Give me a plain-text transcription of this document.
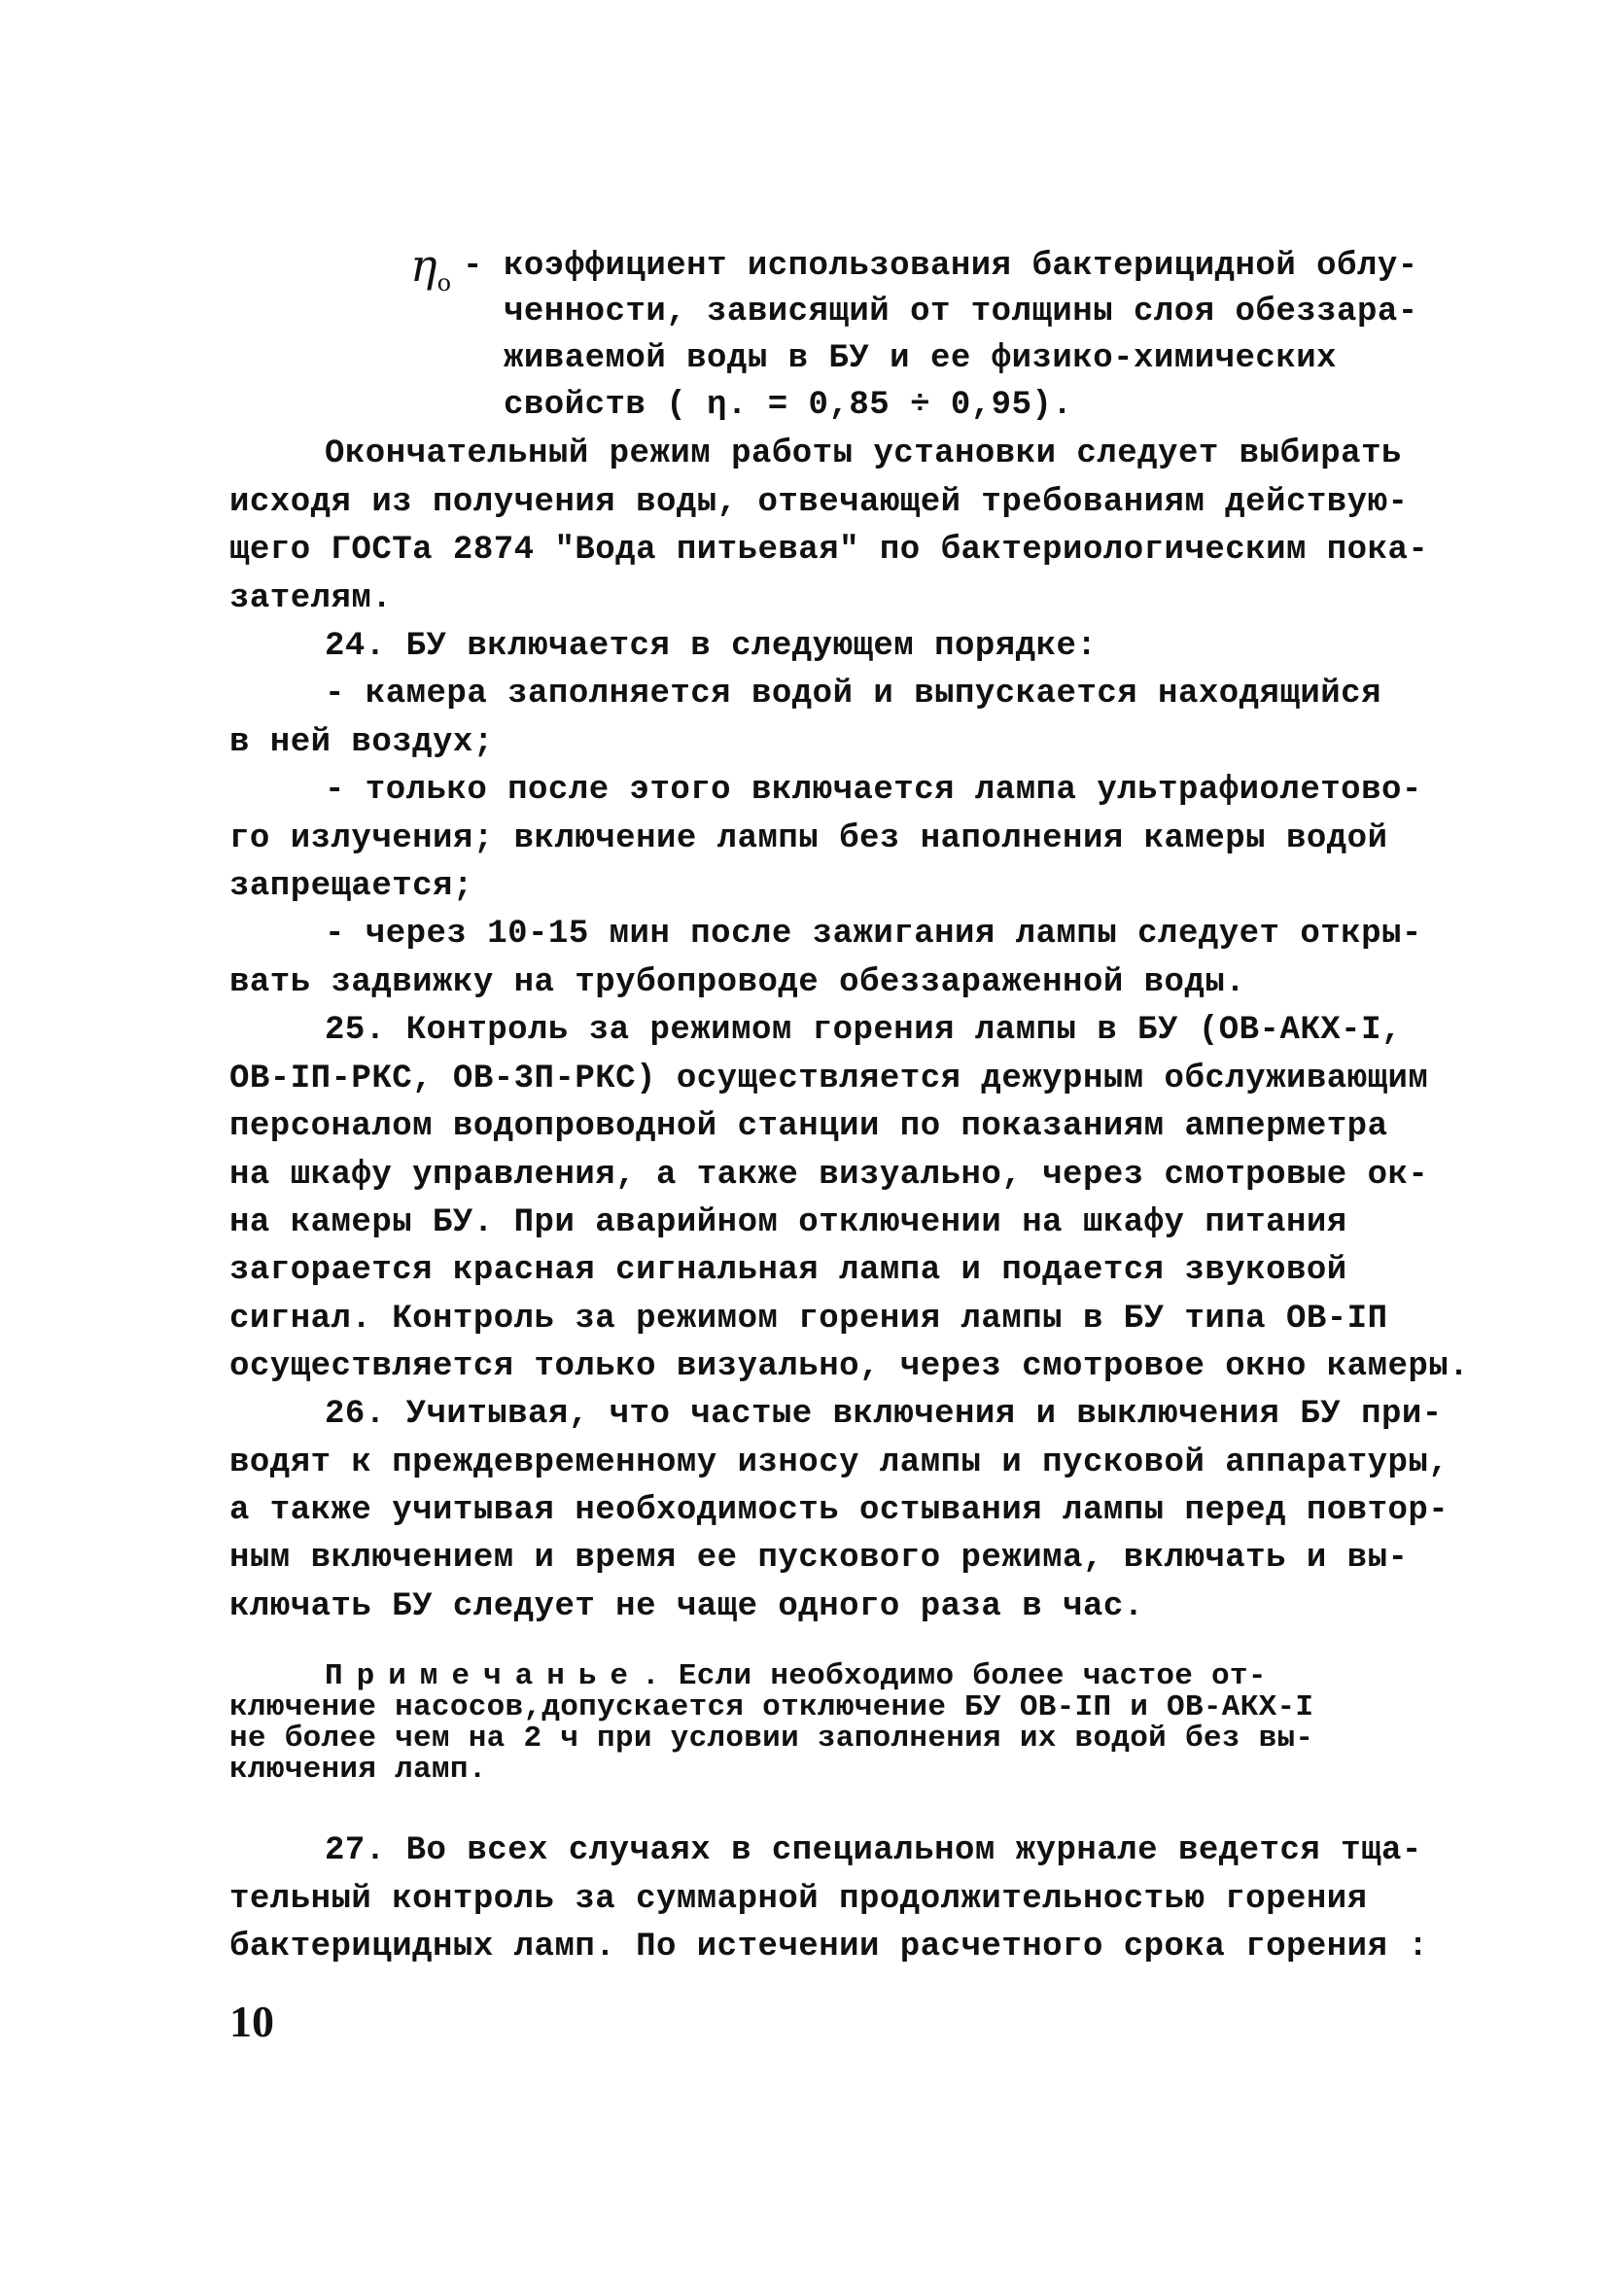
$\eta_о$ - коэффициент использования бактерицидной облу-
ченности, зависящий от толщины слоя обеззара-
живаемой воды в БУ и ее физико-химических
свойств ( η. = 0,85 ÷ 0,95).
Окончательный режим работы установки следует выбирать
исходя из получения воды, отвечающей требованиям действую-
щего ГОСТа 2874 "Вода питьевая" по бактериологическим пока-
зателям.
24. БУ включается в следующем порядке:
- камера заполняется водой и выпускается находящийся
в ней воздух;
- только после этого включается лампа ультрафиолетово-
го излучения; включение лампы без наполнения камеры водой
запрещается;
- через 10-15 мин после зажигания лампы следует откры-
вать задвижку на трубопроводе обеззараженной воды.
25. Контроль за режимом горения лампы в БУ (ОВ-АКХ-I,
ОВ-IП-РКС, ОВ-3П-РКС) осуществляется дежурным обслуживающим
персоналом водопроводной станции по показаниям амперметра
на шкафу управления, а также визуально, через смотровые ок-
на камеры БУ. При аварийном отключении на шкафу питания
загорается красная сигнальная лампа и подается звуковой
сигнал. Контроль за режимом горения лампы в БУ типа ОВ-IП
осуществляется только визуально, через смотровое окно камеры.
26. Учитывая, что частые включения и выключения БУ при-
водят к преждевременному износу лампы и пусковой аппаратуры,
а также учитывая необходимость остывания лампы перед повтор-
ным включением и время ее пускового режима, включать и вы-
ключать БУ следует не чаще одного раза в час.
Примечанье. Если необходимо более частое от-
ключение насосов,допускается отключение БУ ОВ-IП и ОВ-АКХ-I
не более чем на 2 ч при условии заполнения их водой без вы-
ключения ламп.
27. Во всех случаях в специальном журнале ведется тща-
тельный контроль за суммарной продолжительностью горения
бактерицидных ламп. По истечении расчетного срока горения :
10
